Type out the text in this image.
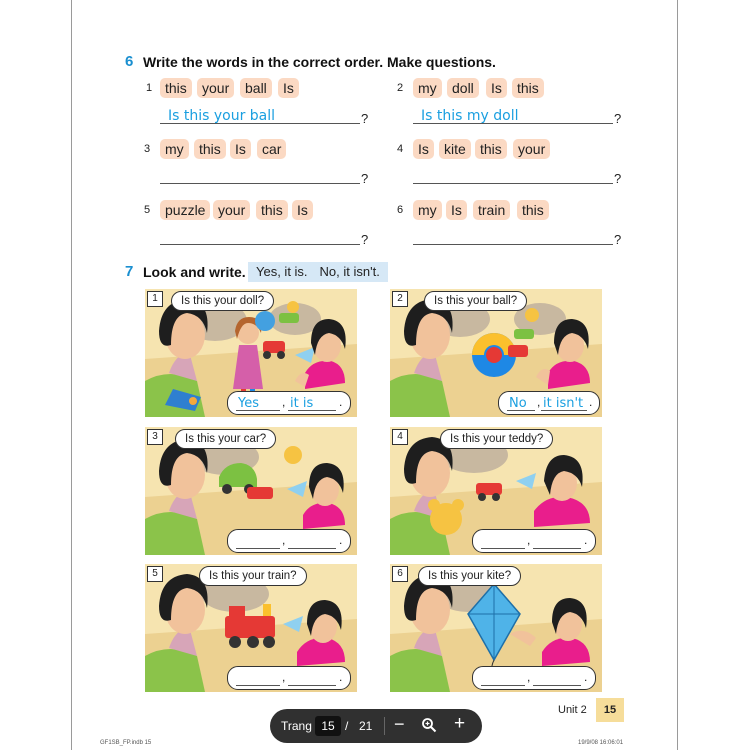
6 Write the words in the correct order. Make questions.
1 this	your	ball	Is
Is this your ball	?
2	my	doll	Is	this
Is this my doll	?
3	my	this	Is	car
?
4	Is	kite	this	your
?
5	puzzle your	this	Is
?
6	my	Is	train	this
?
7 Look and write. Yes, it is. No, it isn't.
1	Is this your doll?
Yes , it is .
2	Is this your ball?
No , it isn't .
3	Is this your car?
,	.
4	Is this your teddy?
,	.
5	Is this your train?
,	.
6	Is this your kite?
,	.
Unit 2	15
GF1SB_FP.indb 15	19/9/08 16:06:01
Trang 15 / 21 −	+
